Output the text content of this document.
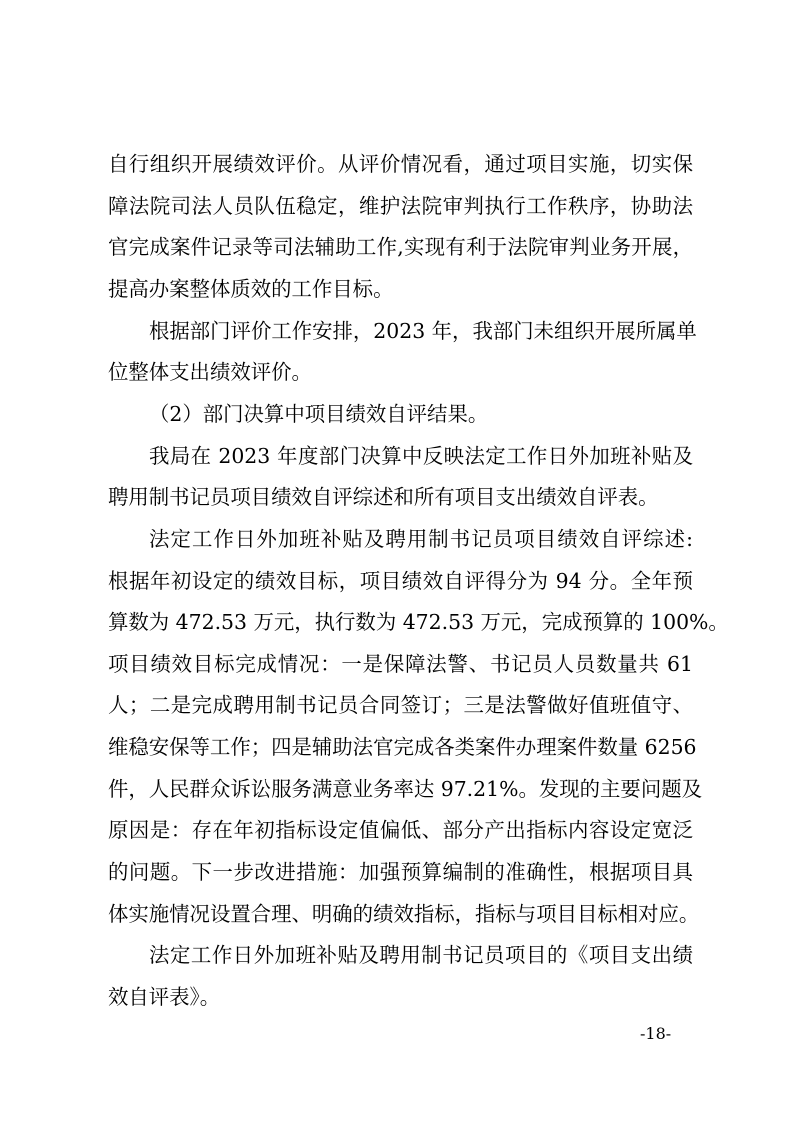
自行组织开展绩效评价。从评价情况看，通过项目实施，切实保
障法院司法人员队伍稳定，维护法院审判执行工作秩序，协助法
官完成案件记录等司法辅助工作,实现有利于法院审判业务开展，
提高办案整体质效的工作目标。
根据部门评价工作安排，2023 年，我部门未组织开展所属单
位整体支出绩效评价。
（2）部门决算中项目绩效自评结果。
我局在 2023 年度部门决算中反映法定工作日外加班补贴及
聘用制书记员项目绩效自评综述和所有项目支出绩效自评表。
法定工作日外加班补贴及聘用制书记员项目绩效自评综述:
根据年初设定的绩效目标，项目绩效自评得分为 94 分。全年预
算数为 472.53 万元，执行数为 472.53 万元，完成预算的 100%。
项目绩效目标完成情况：一是保障法警、书记员人员数量共 61
人；二是完成聘用制书记员合同签订；三是法警做好值班值守、
维稳安保等工作；四是辅助法官完成各类案件办理案件数量 6256
件，人民群众诉讼服务满意业务率达 97.21%。发现的主要问题及
原因是：存在年初指标设定值偏低、部分产出指标内容设定宽泛
的问题。下一步改进措施：加强预算编制的准确性，根据项目具
体实施情况设置合理、明确的绩效指标，指标与项目目标相对应。
-18-
法定工作日外加班补贴及聘用制书记员项目的《项目支出绩
效自评表》。
